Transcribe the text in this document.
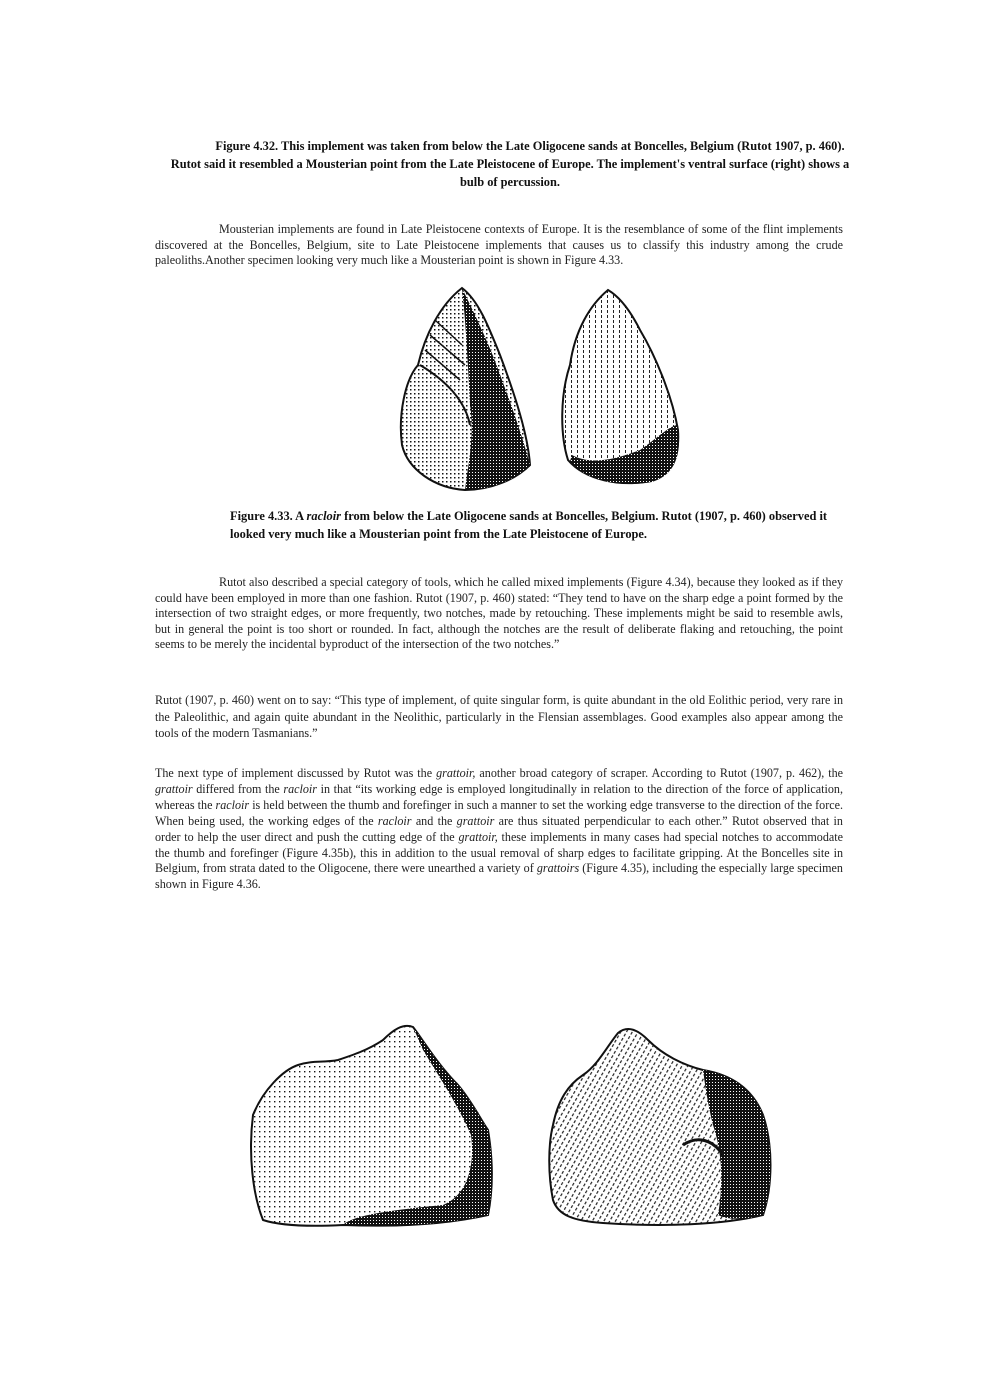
Figure 4.32. This implement was taken from below the Late Oligocene sands at Boncelles, Belgium (Rutot 1907, p. 460). Rutot said it resembled a Mousterian point from the Late Pleistocene of Europe. The implement's ventral surface (right) shows a bulb of percussion.
Mousterian implements are found in Late Pleistocene contexts of Europe. It is the resemblance of some of the flint implements discovered at the Boncelles, Belgium, site to Late Pleistocene implements that causes us to classify this industry among the crude paleoliths.Another specimen looking very much like a Mousterian point is shown in Figure 4.33.
Figure 4.33. A racloir from below the Late Oligocene sands at Boncelles, Belgium. Rutot (1907, p. 460) observed it looked very much like a Mousterian point from the Late Pleistocene of Europe.
Rutot also described a special category of tools, which he called mixed implements (Figure 4.34), because they looked as if they could have been employed in more than one fashion. Rutot (1907, p. 460) stated: “They tend to have on the sharp edge a point formed by the intersection of two straight edges, or more frequently, two notches, made by retouching. These implements might be said to resemble awls, but in general the point is too short or rounded. In fact, although the notches are the result of deliberate flaking and retouching, the point seems to be merely the incidental byproduct of the intersection of the two notches.”
Rutot (1907, p. 460) went on to say: “This type of implement, of quite singular form, is quite abundant in the old Eolithic period, very rare in the Paleolithic, and again quite abundant in the Neolithic, particularly in the Flensian assemblages. Good examples also appear among the tools of the modern Tasmanians.”
The next type of implement discussed by Rutot was the grattoir, another broad category of scraper. According to Rutot (1907, p. 462), the grattoir differed from the racloir in that “its working edge is employed longitudinally in relation to the direction of the force of application, whereas the racloir is held between the thumb and forefinger in such a manner to set the working edge transverse to the direction of the force. When being used, the working edges of the racloir and the grattoir are thus situated perpendicular to each other.” Rutot observed that in order to help the user direct and push the cutting edge of the grattoir, these implements in many cases had special notches to accommodate the thumb and forefinger (Figure 4.35b), this in addition to the usual removal of sharp edges to facilitate gripping. At the Boncelles site in Belgium, from strata dated to the Oligocene, there were unearthed a variety of grattoirs (Figure 4.35), including the especially large specimen shown in Figure 4.36.
